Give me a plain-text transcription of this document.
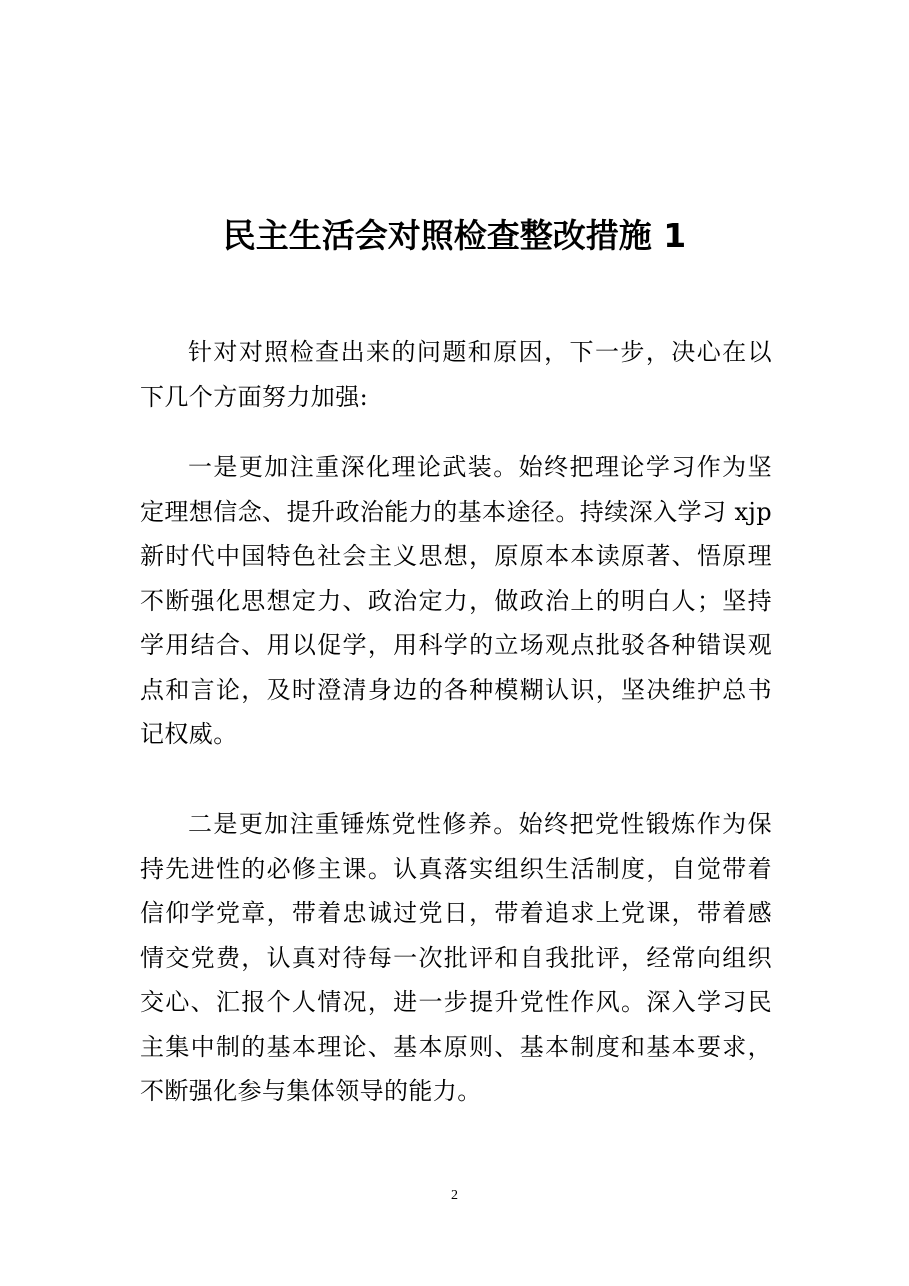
民主生活会对照检查整改措施 1

针对对照检查出来的问题和原因，下一步，决心在以下几个方面努力加强:

一是更加注重深化理论武装。始终把理论学习作为坚定理想信念、提升政治能力的基本途径。持续深入学习 xjp 新时代中国特色社会主义思想，原原本本读原著、悟原理不断强化思想定力、政治定力，做政治上的明白人；坚持学用结合、用以促学，用科学的立场观点批驳各种错误观点和言论，及时澄清身边的各种模糊认识，坚决维护总书记权威。

二是更加注重锤炼党性修养。始终把党性锻炼作为保持先进性的必修主课。认真落实组织生活制度，自觉带着信仰学党章，带着忠诚过党日，带着追求上党课，带着感情交党费，认真对待每一次批评和自我批评，经常向组织交心、汇报个人情况，进一步提升党性作风。深入学习民主集中制的基本理论、基本原则、基本制度和基本要求，不断强化参与集体领导的能力。

2
